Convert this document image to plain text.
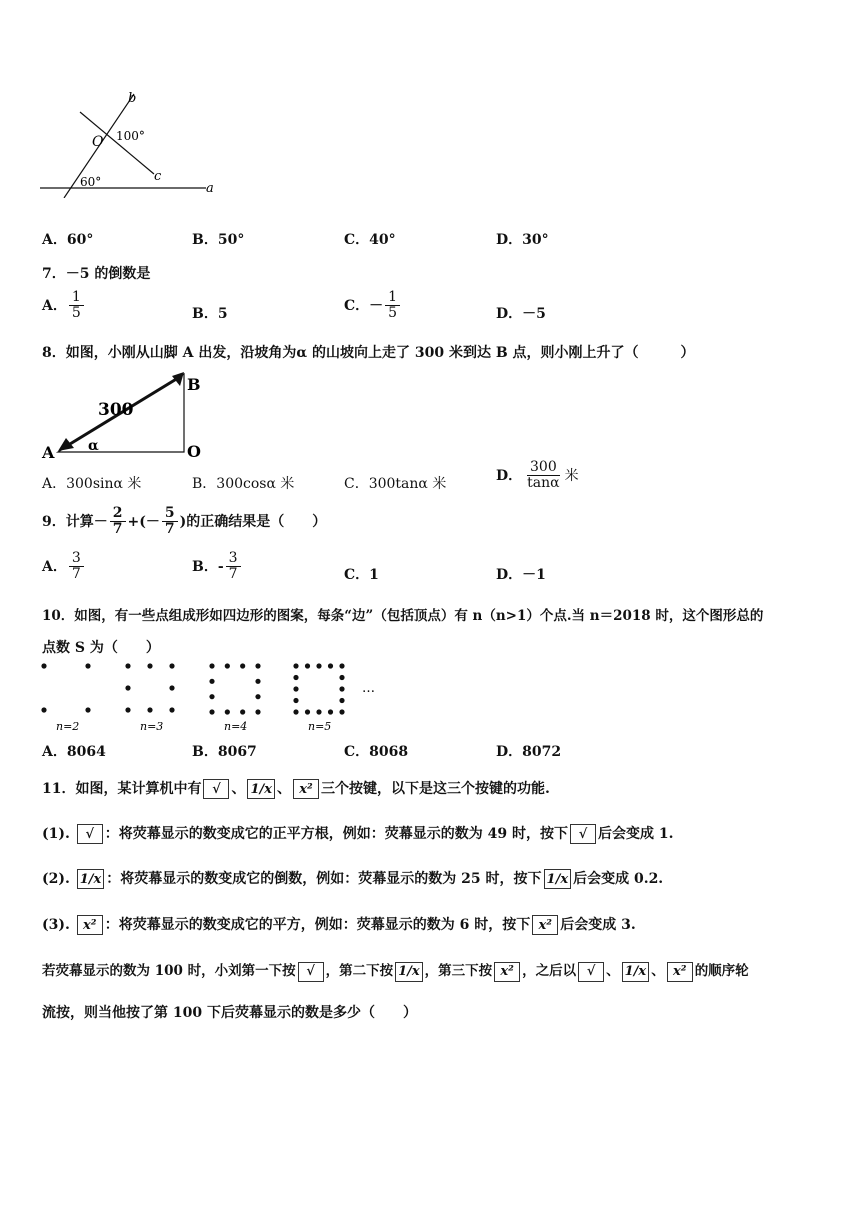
b
c
a
O 100°
60°
A．60°	B．50°	C．40°	D．30°
7．－5 的倒数是
A． $\frac{1}{5}$	B．5
C．－ $\frac{1}{5}$	D．－5
8．如图，小刚从山脚 A 出发，沿坡角为α 的山坡向上走了 300 米到达 B 点，则小刚上升了（　　　）
300
B
A	O
α
A．300sinα 米	B．300cosα 米	C．300tanα 米
D． $\frac{300}{\tan\alpha}$ 米
9．计算－ $\frac{2}{7}$ +(－ $\frac{5}{7}$ )的正确结果是（　　）
A． $\frac{3}{7}$	B．- $\frac{3}{7}$	C．1	D．－1
10．如图，有一些点组成形如四边形的图案，每条“边”（包括顶点）有 n（n>1）个点.当 n＝2018 时，这个图形总的
点数 S 为（　　）
…
n=2	n=3	n=4	n=5
A．8064	B．8067	C．8068	D．8072
11．如图，某计算机中有 √ 、 1/x 、 x² 三个按键，以下是这三个按键的功能.
(1). √ ：将荧幕显示的数变成它的正平方根，例如：荧幕显示的数为 49 时，按下 √ 后会变成 1.
(2). 1/x ：将荧幕显示的数变成它的倒数，例如：荧幕显示的数为 25 时，按下 1/x 后会变成 0.2.
(3). x² ：将荧幕显示的数变成它的平方，例如：荧幕显示的数为 6 时，按下 x² 后会变成 3.
若荧幕显示的数为 100 时，小刘第一下按 √ ，第二下按 1/x ，第三下按 x² ，之后以 √ 、 1/x 、 x² 的顺序轮
流按，则当他按了第 100 下后荧幕显示的数是多少（　　）
